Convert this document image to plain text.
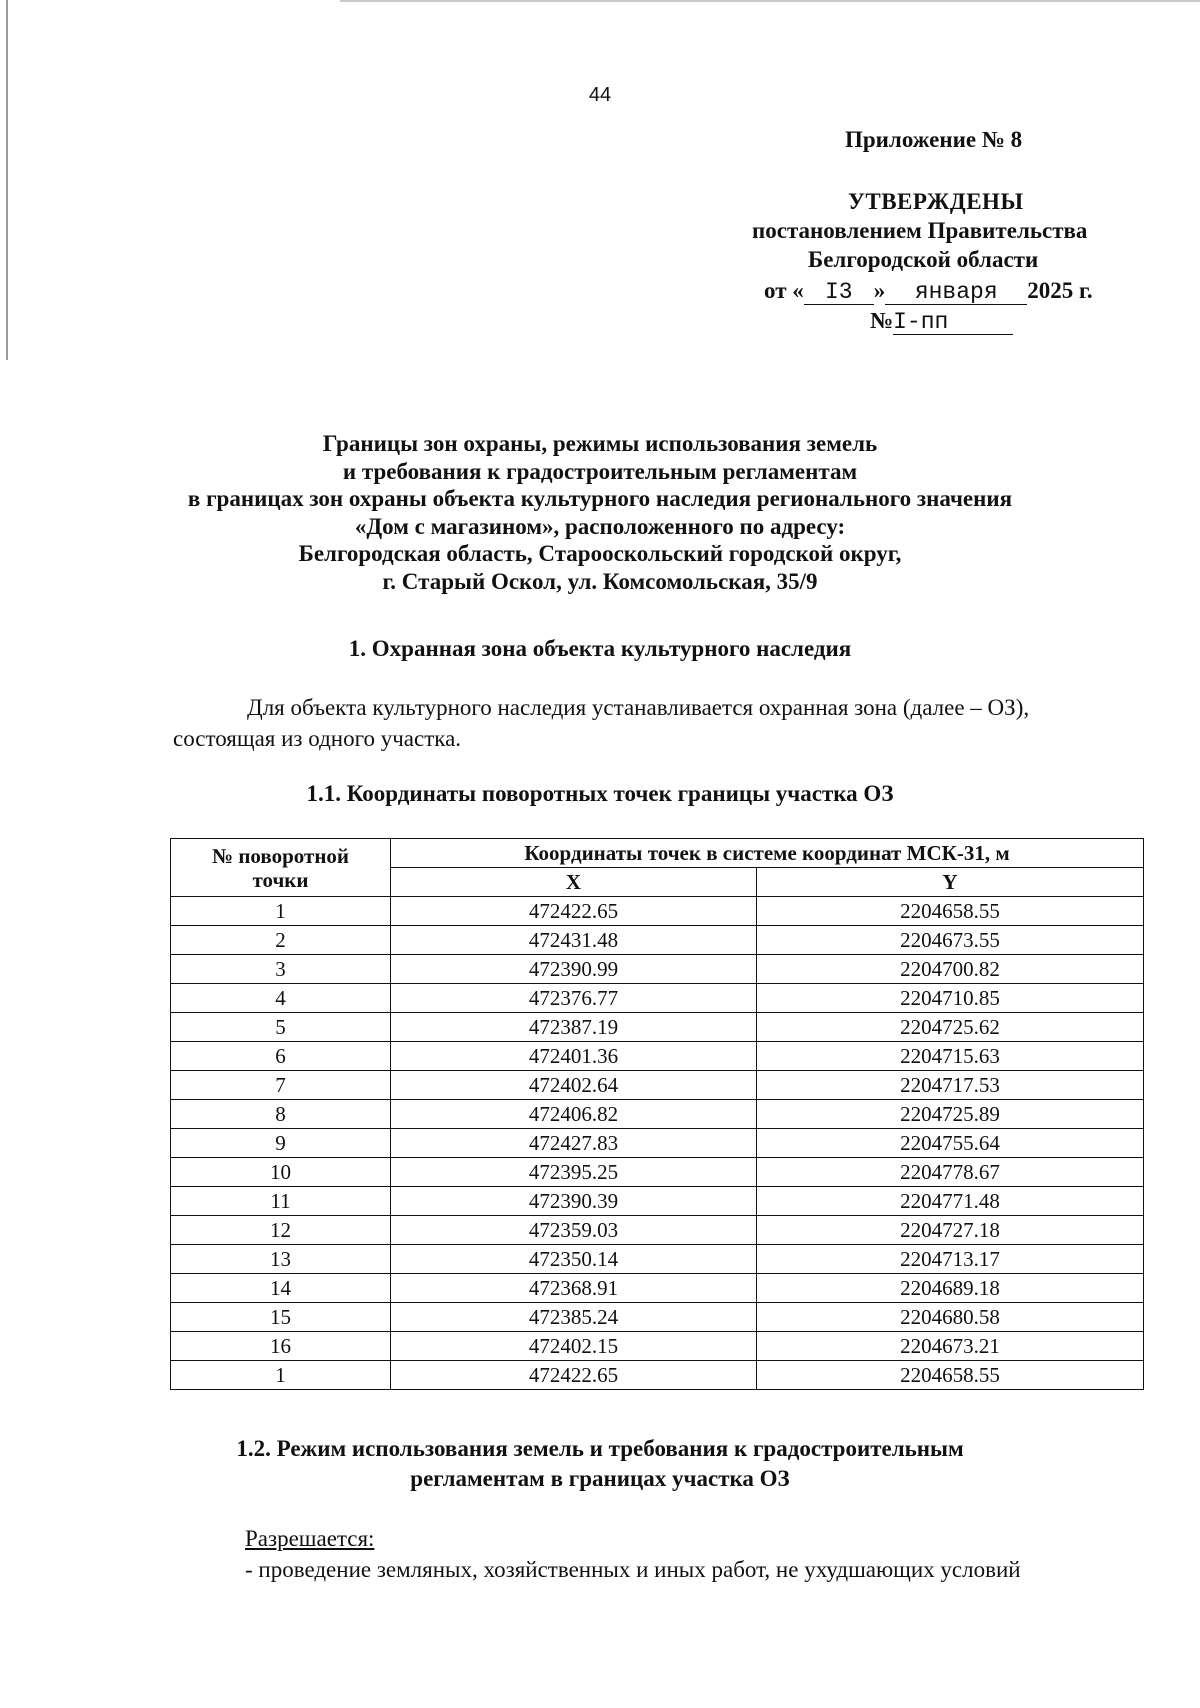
44
Приложение № 8
УТВЕРЖДЕНЫ
постановлением Правительства
Белгородской области
от « I3 » января 2025 г.
№I-пп
Границы зон охраны, режимы использования земель
и требования к градостроительным регламентам
в границах зон охраны объекта культурного наследия регионального значения
«Дом с магазином», расположенного по адресу:
Белгородская область, Старооскольский городской округ,
г. Старый Оскол, ул. Комсомольская, 35/9
1. Охранная зона объекта культурного наследия
Для объекта культурного наследия устанавливается охранная зона (далее – ОЗ),
состоящая из одного участка.
1.1. Координаты поворотных точек границы участка ОЗ
№ поворотной
точки	Координаты точек в системе координат МСК-31, м	
	X	Y
1	472422.65	2204658.55
2	472431.48	2204673.55
3	472390.99	2204700.82
4	472376.77	2204710.85
5	472387.19	2204725.62
6	472401.36	2204715.63
7	472402.64	2204717.53
8	472406.82	2204725.89
9	472427.83	2204755.64
10	472395.25	2204778.67
11	472390.39	2204771.48
12	472359.03	2204727.18
13	472350.14	2204713.17
14	472368.91	2204689.18
15	472385.24	2204680.58
16	472402.15	2204673.21
1	472422.65	2204658.55
1.2. Режим использования земель и требования к градостроительным
регламентам в границах участка ОЗ
Разрешается:
- проведение земляных, хозяйственных и иных работ, не ухудшающих условий
